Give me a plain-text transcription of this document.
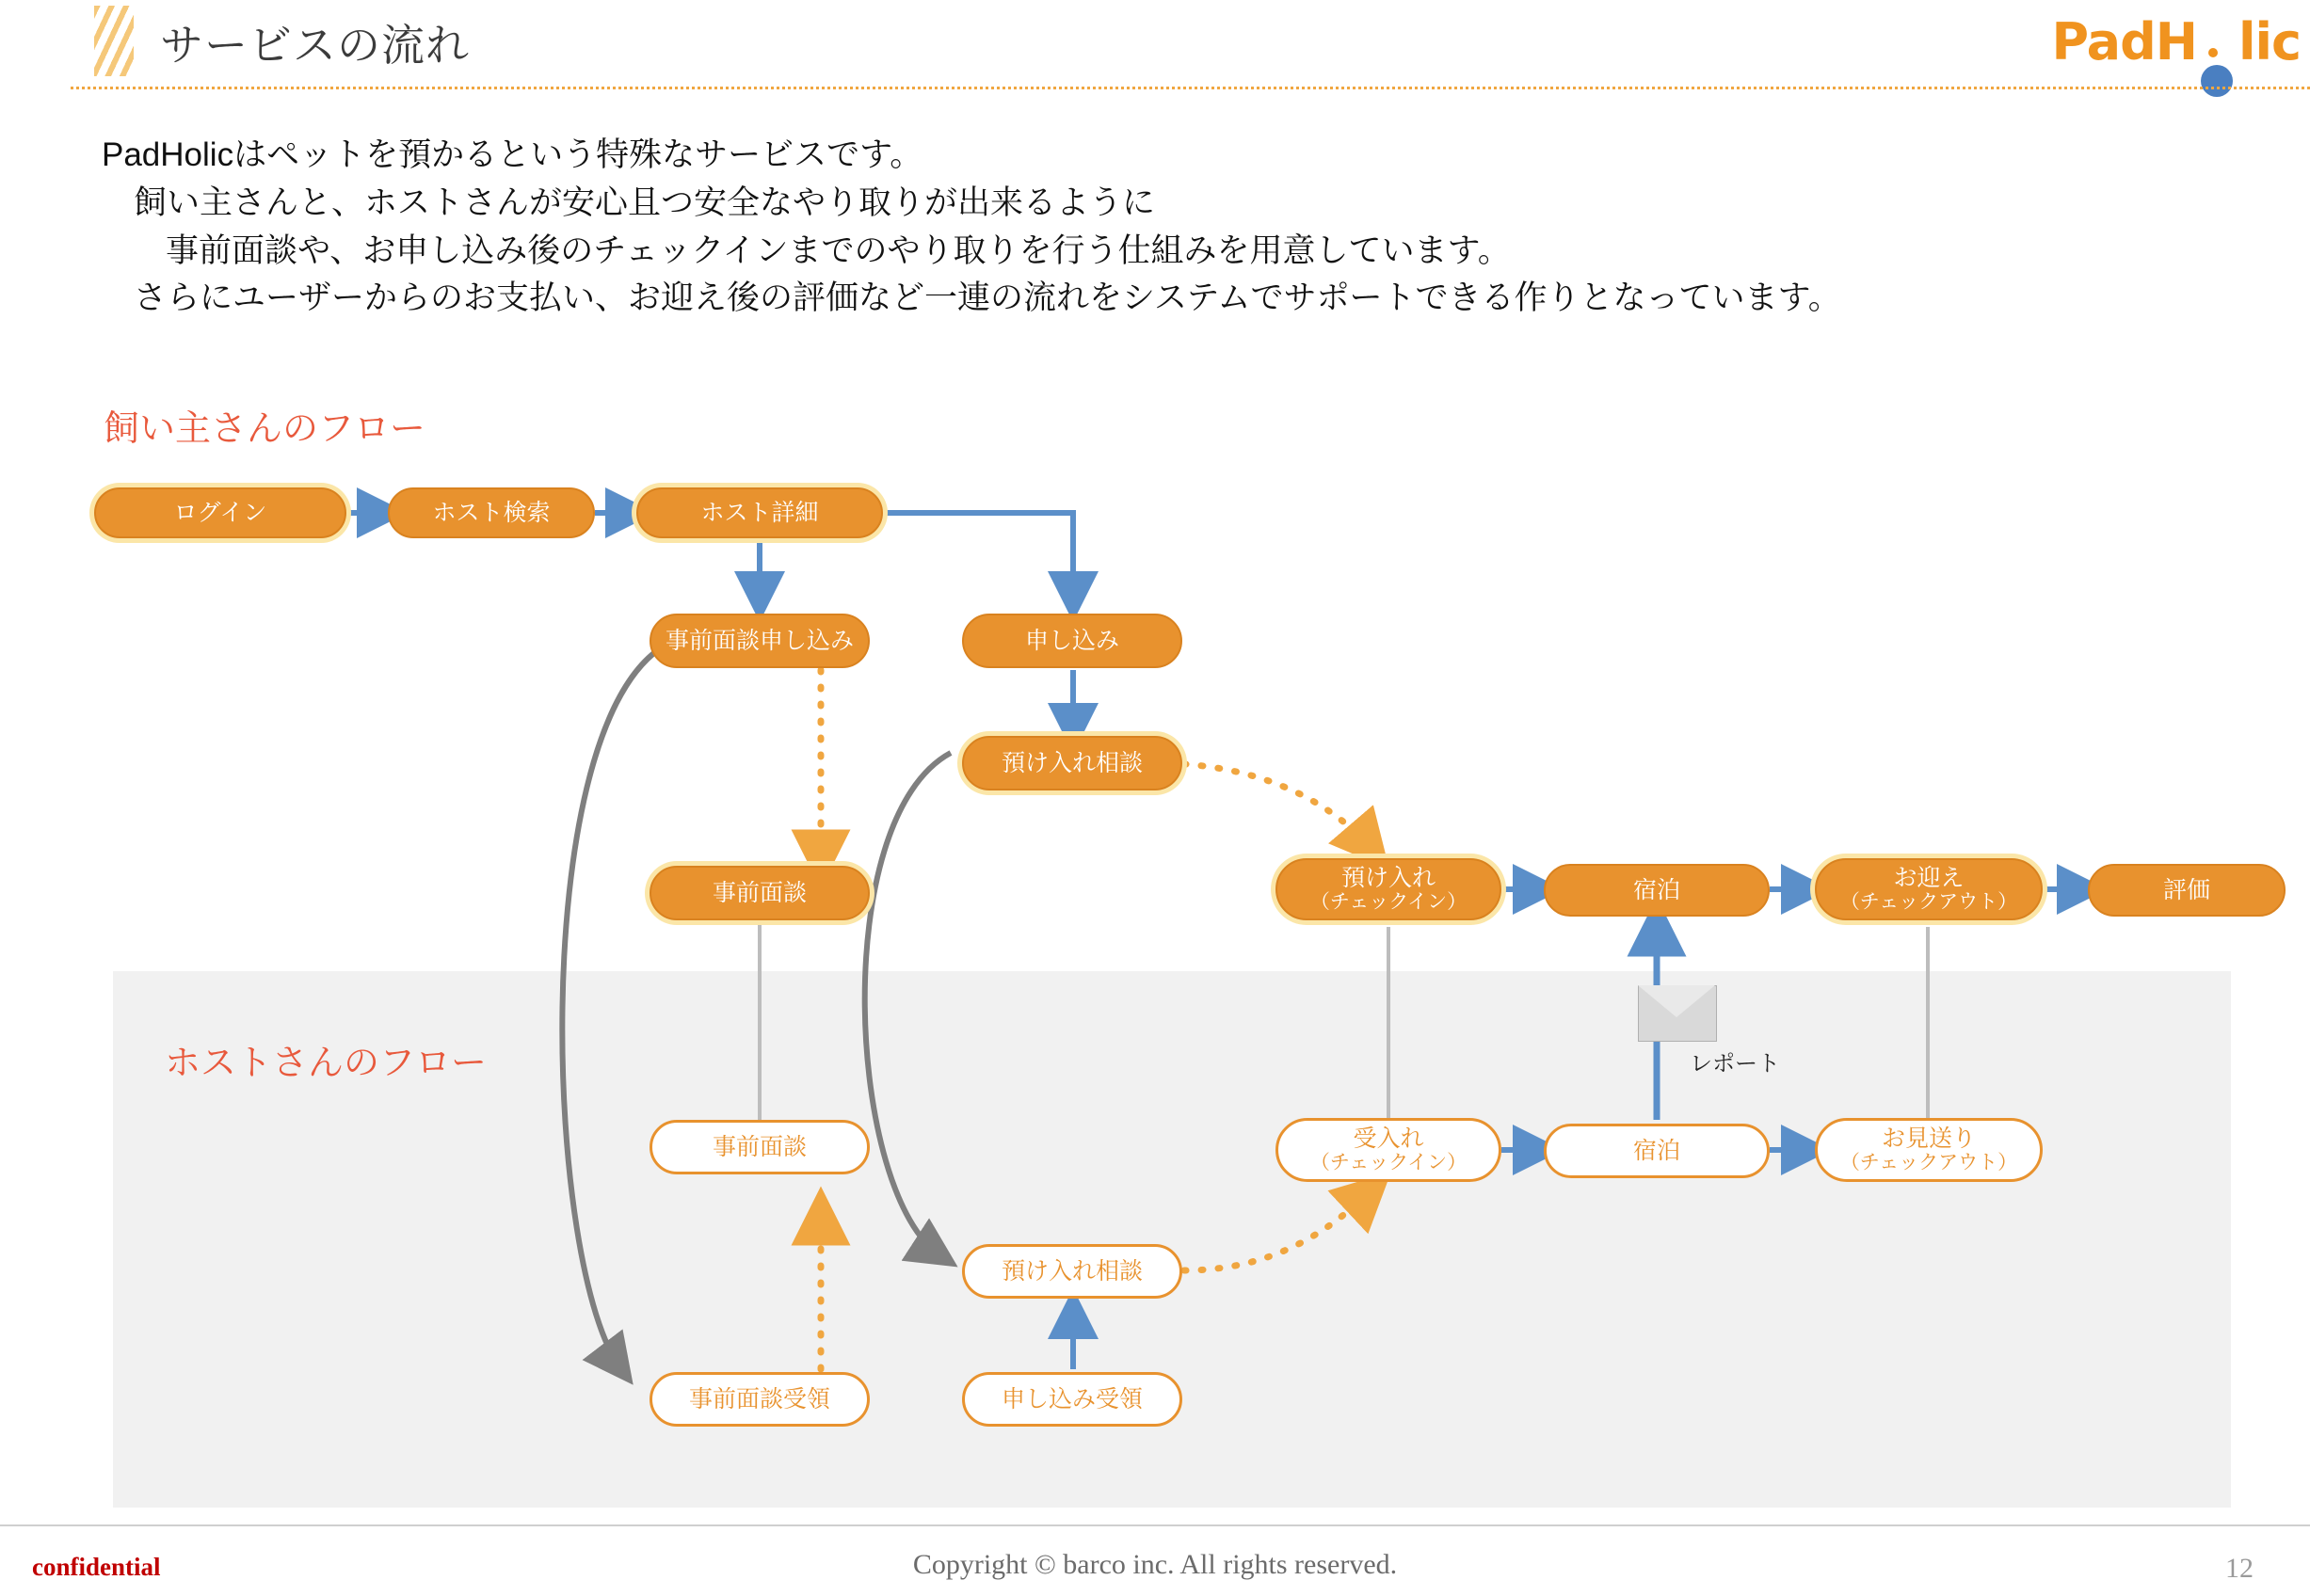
サービスの流れ	PadH lic
PadHolicはペットを預かるという特殊なサービスです。
飼い主さんと、ホストさんが安心且つ安全なやり取りが出来るように
事前面談や、お申し込み後のチェックインまでのやり取りを行う仕組みを用意しています。
さらにユーザーからのお支払い、お迎え後の評価など一連の流れをシステムでサポートできる作りとなっています。
飼い主さんのフロー
ホストさんのフロー
ログイン	ホスト検索	ホスト詳細
事前面談申し込み	申し込み
預け入れ相談
事前面談
預け入れ
（チェックイン）	宿泊	お迎え
（チェックアウト）	評価
事前面談	受入れ
（チェックイン）	宿泊	お見送り
（チェックアウト）
預け入れ相談
事前面談受領	申し込み受領
レポート
confidential	Copyright © barco inc. All rights reserved.	12
